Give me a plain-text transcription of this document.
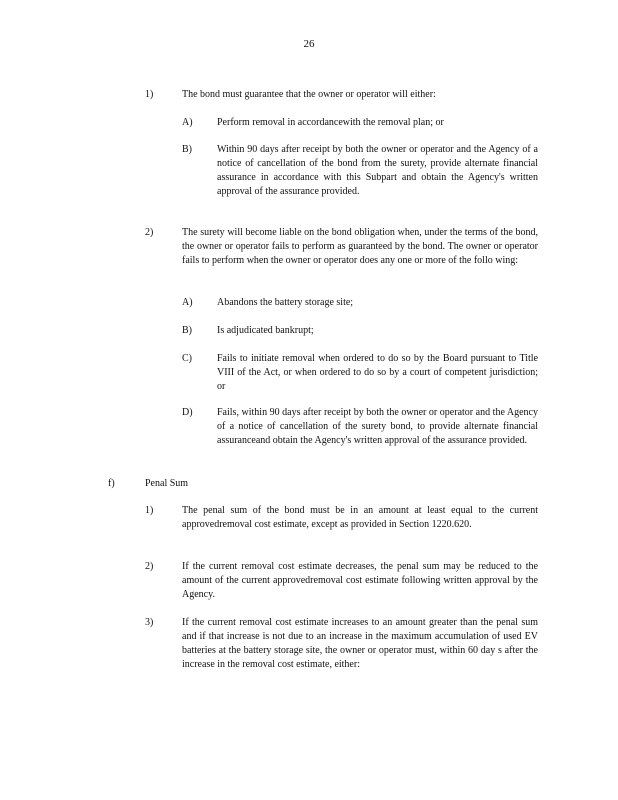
26
1)	The bond must guarantee that the owner or operator will either:
A) Perform removal in accordancewith the removal plan; or
B)	Within 90 days after receipt by both the owner or operator and the Agency of a notice of cancellation of the bond from the surety, provide alternate financial assurance in accordance with this Subpart and obtain the Agency's written approval of the assurance provided.
2)	The surety will become liable on the bond obligation when, under the terms of the bond, the owner or operator fails to perform as guaranteed by the bond. The owner or operator fails to perform when the owner or operator does any one or more of the follo wing:
A) Abandons the battery storage site;
B)	Is adjudicated bankrupt;
C)	Fails to initiate removal when ordered to do so by the Board pursuant to Title VIII of the Act, or when ordered to do so by a court of competent jurisdiction; or
D) Fails, within 90 days after receipt by both the owner or operator and the Agency of a notice of cancellation of the surety bond, to provide alternate financial assuranceand obtain the Agency's written approval of the assurance provided.
f)	Penal Sum
1)	The penal sum of the bond must be in an amount at least equal to the current approvedremoval cost estimate, except as provided in Section 1220.620.
2)	If the current removal cost estimate decreases, the penal sum may be reduced to the amount of the current approvedremoval cost estimate following written approval by the Agency.
3)	If the current removal cost estimate increases to an amount greater than the penal sum and if that increase is not due to an increase in the maximum accumulation of used EV batteries at the battery storage site, the owner or operator must, within 60 day s after the increase in the removal cost estimate, either:
